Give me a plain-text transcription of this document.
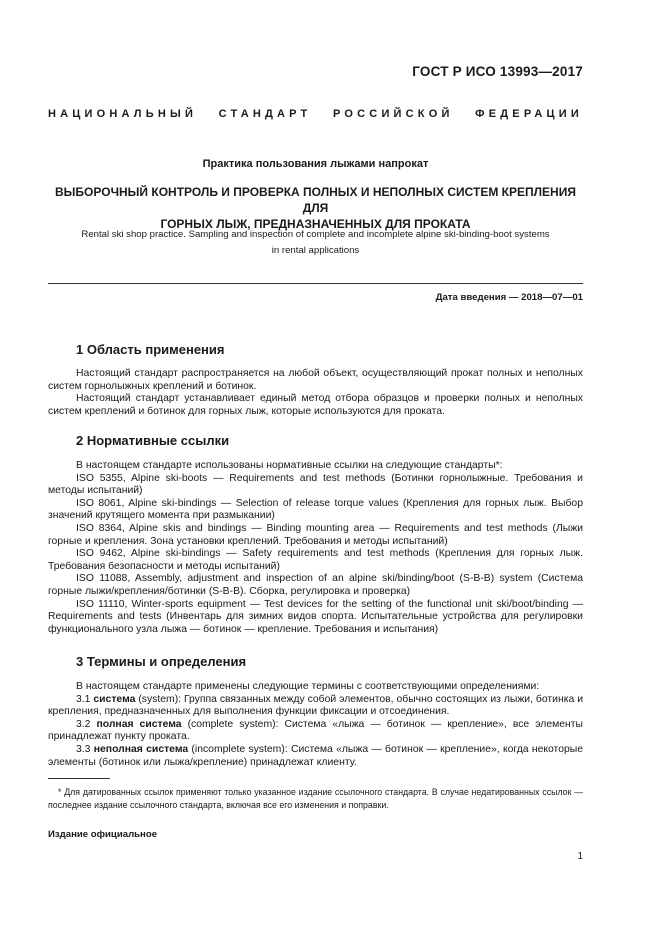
ГОСТ Р ИСО 13993—2017
НАЦИОНАЛЬНЫЙ СТАНДАРТ РОССИЙСКОЙ ФЕДЕРАЦИИ
Практика пользования лыжами напрокат
ВЫБОРОЧНЫЙ КОНТРОЛЬ И ПРОВЕРКА ПОЛНЫХ И НЕПОЛНЫХ СИСТЕМ КРЕПЛЕНИЯ ДЛЯ
ГОРНЫХ ЛЫЖ, ПРЕДНАЗНАЧЕННЫХ ДЛЯ ПРОКАТА
Rental ski shop practice. Sampling and inspection of complete and incomplete alpine ski-binding-boot systems
in rental applications
Дата введения — 2018—07—01
1 Область применения

Настоящий стандарт распространяется на любой объект, осуществляющий прокат полных и неполных систем горнолыжных креплений и ботинок.

Настоящий стандарт устанавливает единый метод отбора образцов и проверки полных и неполных систем креплений и ботинок для горных лыж, которые используются для проката.

2 Нормативные ссылки

В настоящем стандарте использованы нормативные ссылки на следующие стандарты*:

ISO 5355, Alpine ski-boots — Requirements and test methods (Ботинки горнолыжные. Требования и методы испытаний)

ISO 8061, Alpine ski-bindings — Selection of release torque values (Крепления для горных лыж. Выбор значений крутящего момента при размыкании)

ISO 8364, Alpine skis and bindings — Binding mounting area — Requirements and test methods (Лыжи горные и крепления. Зона установки креплений. Требования и методы испытаний)

ISO 9462, Alpine ski-bindings — Safety requirements and test methods (Крепления для горных лыж. Требования безопасности и методы испытаний)

ISO 11088, Assembly, adjustment and inspection of an alpine ski/binding/boot (S-B-B) system (Система горные лыжи/крепления/ботинки (S-B-B). Сборка, регулировка и проверка)

ISO 11110, Winter-sports equipment — Test devices for the setting of the functional unit ski/boot/binding — Requirements and tests (Инвентарь для зимних видов спорта. Испытательные устройства для регулировки функционального узла лыжа — ботинок — крепление. Требования и испытания)

3 Термины и определения

В настоящем стандарте применены следующие термины с соответствующими определениями:

3.1 система (system): Группа связанных между собой элементов, обычно состоящих из лыжи, ботинка и крепления, предназначенных для выполнения функции фиксации и отсоединения.

3.2 полная система (complete system): Система «лыжа — ботинок — крепление», все элементы принадлежат пункту проката.

3.3 неполная система (incomplete system): Система «лыжа — ботинок — крепление», когда некоторые элементы (ботинок или лыжа/крепление) принадлежат клиенту.

* Для датированных ссылок применяют только указанное издание ссылочного стандарта. В случае недатированных ссылок — последнее издание ссылочного стандарта, включая все его изменения и поправки.

Издание официальное
1
